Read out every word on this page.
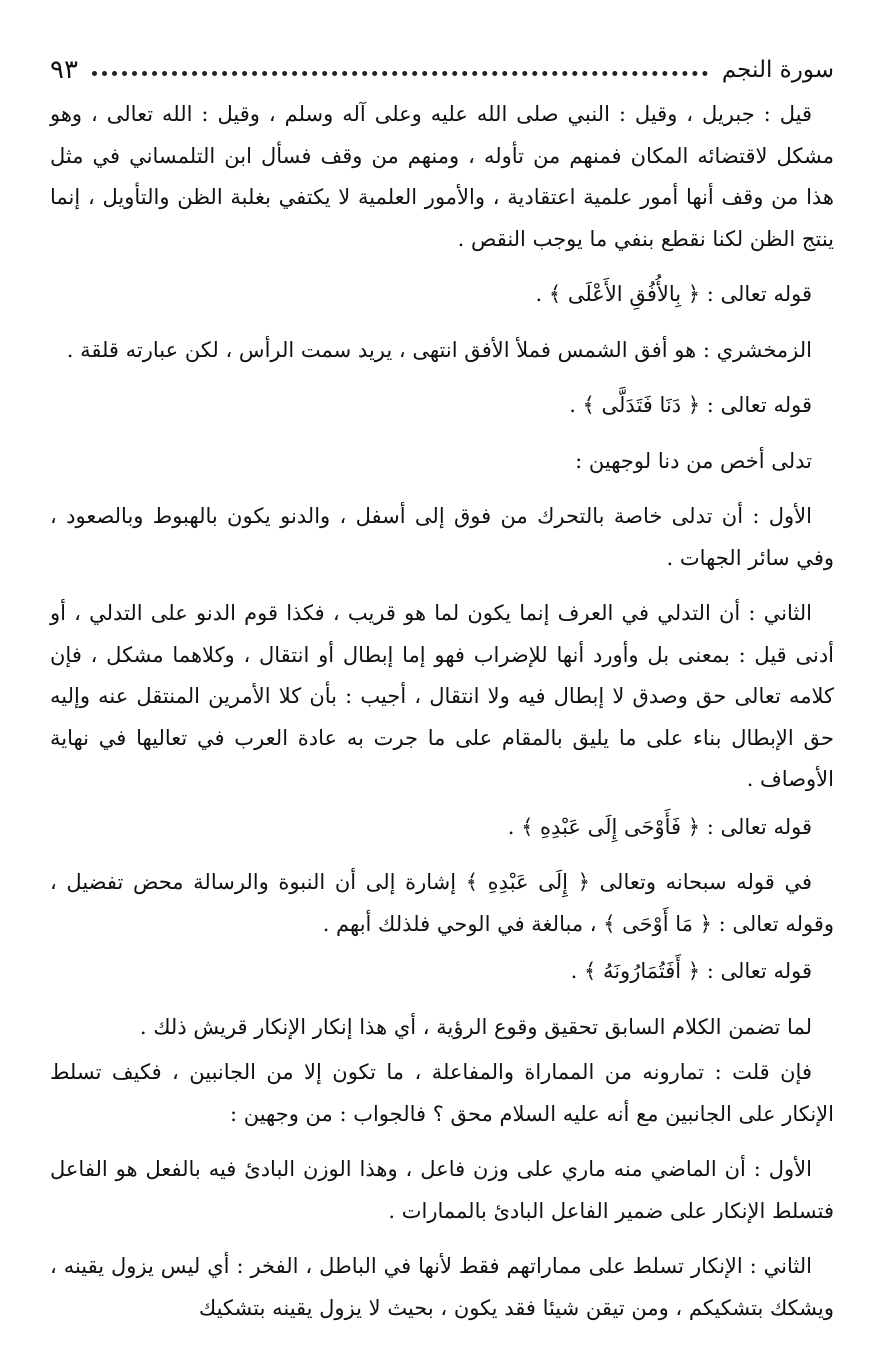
سورة النجم
٩٣

قيل : جبريل ، وقيل : النبي صلى الله عليه وعلى آله وسلم ، وقيل : الله تعالى ، وهو مشكل لاقتضائه المكان فمنهم من تأوله ، ومنهم من وقف فسأل ابن التلمساني في مثل هذا من وقف أنها أمور علمية اعتقادية ، والأمور العلمية لا يكتفي بغلبة الظن والتأويل ، إنما ينتج الظن لكنا نقطع بنفي ما يوجب النقص .

قوله تعالى : ﴿ بِالأُفُقِ الأَعْلَى ﴾ .

الزمخشري : هو أفق الشمس فملأ الأفق انتهى ، يريد سمت الرأس ، لكن عبارته قلقة .

قوله تعالى : ﴿ دَنَا فَتَدَلَّى ﴾ .

تدلى أخص من دنا لوجهين :

الأول : أن تدلى خاصة بالتحرك من فوق إلى أسفل ، والدنو يكون بالهبوط وبالصعود ، وفي سائر الجهات .

الثاني : أن التدلي في العرف إنما يكون لما هو قريب ، فكذا قوم الدنو على التدلي ، أو أدنى قيل : بمعنى بل وأورد أنها للإضراب فهو إما إبطال أو انتقال ، وكلاهما مشكل ، فإن كلامه تعالى حق وصدق لا إبطال فيه ولا انتقال ، أجيب : بأن كلا الأمرين المنتقل عنه وإليه حق الإبطال بناء على ما يليق بالمقام على ما جرت به عادة العرب في تعاليها في نهاية الأوصاف .

قوله تعالى : ﴿ فَأَوْحَى إِلَى عَبْدِهِ ﴾ .

في قوله سبحانه وتعالى ﴿ إِلَى عَبْدِهِ ﴾ إشارة إلى أن النبوة والرسالة محض تفضيل ، وقوله تعالى : ﴿ مَا أَوْحَى ﴾ ، مبالغة في الوحي فلذلك أبهم .

قوله تعالى : ﴿ أَفَتُمَارُونَهُ ﴾ .

لما تضمن الكلام السابق تحقيق وقوع الرؤية ، أي هذا إنكار الإنكار قريش ذلك .

فإن قلت : تمارونه من المماراة والمفاعلة ، ما تكون إلا من الجانبين ، فكيف تسلط الإنكار على الجانبين مع أنه عليه السلام محق ؟ فالجواب : من وجهين :

الأول : أن الماضي منه ماري على وزن فاعل ، وهذا الوزن البادئ فيه بالفعل هو الفاعل فتسلط الإنكار على ضمير الفاعل البادئ بالممارات .

الثاني : الإنكار تسلط على مماراتهم فقط لأنها في الباطل ، الفخر : أي ليس يزول يقينه ، ويشكك بتشكيكم ، ومن تيقن شيئا فقد يكون ، بحيث لا يزول يقينه بتشكيك
